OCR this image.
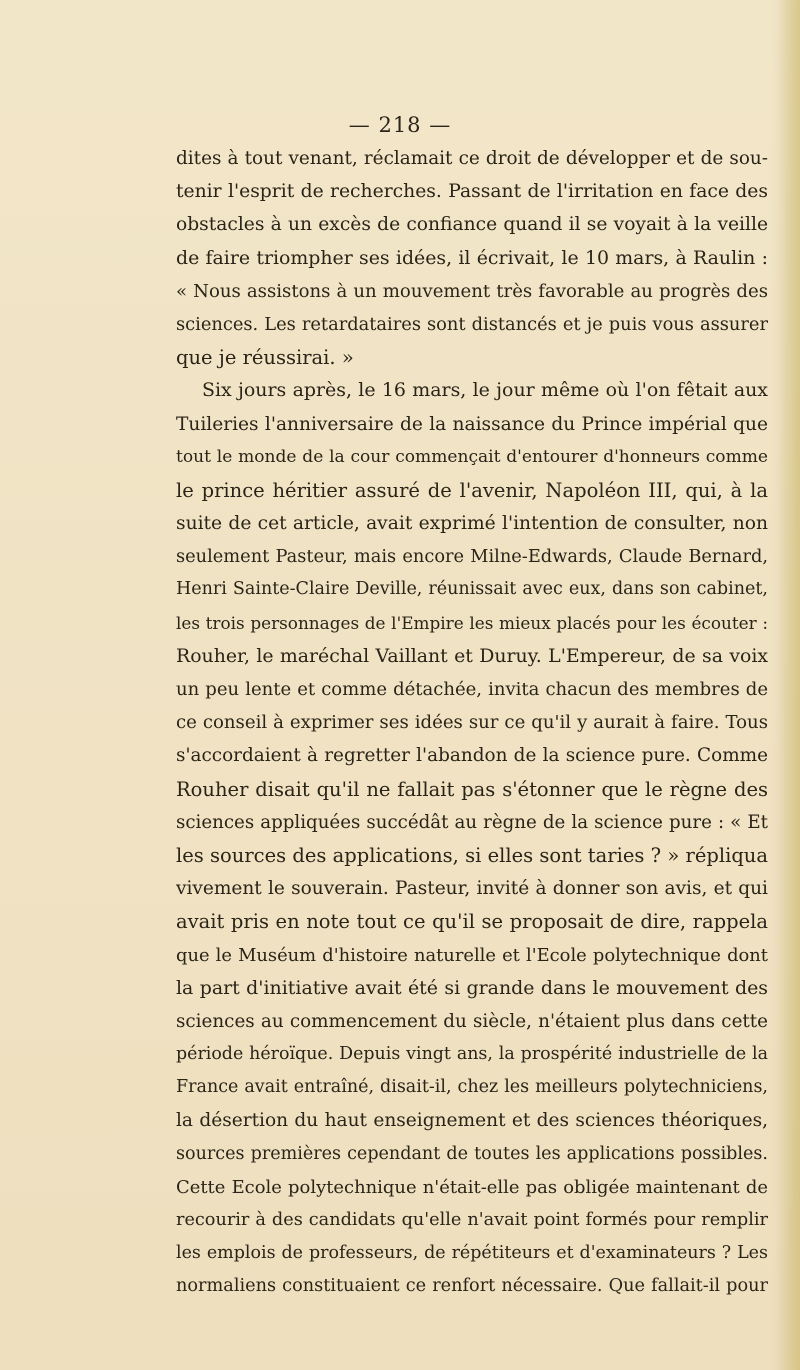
— 218 —
dites à tout venant, réclamait ce droit de développer et de sou-
tenir l'esprit de recherches. Passant de l'irritation en face des
obstacles à un excès de confiance quand il se voyait à la veille
de faire triompher ses idées, il écrivait, le 10 mars, à Raulin :
« Nous assistons à un mouvement très favorable au progrès des
sciences. Les retardataires sont distancés et je puis vous assurer
que je réussirai. »
Six jours après, le 16 mars, le jour même où l'on fêtait aux
Tuileries l'anniversaire de la naissance du Prince impérial que
tout le monde de la cour commençait d'entourer d'honneurs comme
le prince héritier assuré de l'avenir, Napoléon III, qui, à la
suite de cet article, avait exprimé l'intention de consulter, non
seulement Pasteur, mais encore Milne-Edwards, Claude Bernard,
Henri Sainte-Claire Deville, réunissait avec eux, dans son cabinet,
les trois personnages de l'Empire les mieux placés pour les écouter :
Rouher, le maréchal Vaillant et Duruy. L'Empereur, de sa voix
un peu lente et comme détachée, invita chacun des membres de
ce conseil à exprimer ses idées sur ce qu'il y aurait à faire. Tous
s'accordaient à regretter l'abandon de la science pure. Comme
Rouher disait qu'il ne fallait pas s'étonner que le règne des
sciences appliquées succédât au règne de la science pure : « Et
les sources des applications, si elles sont taries ? » répliqua
vivement le souverain. Pasteur, invité à donner son avis, et qui
avait pris en note tout ce qu'il se proposait de dire, rappela
que le Muséum d'histoire naturelle et l'Ecole polytechnique dont
la part d'initiative avait été si grande dans le mouvement des
sciences au commencement du siècle, n'étaient plus dans cette
période héroïque. Depuis vingt ans, la prospérité industrielle de la
France avait entraîné, disait-il, chez les meilleurs polytechniciens,
la désertion du haut enseignement et des sciences théoriques,
sources premières cependant de toutes les applications possibles.
Cette Ecole polytechnique n'était-elle pas obligée maintenant de
recourir à des candidats qu'elle n'avait point formés pour remplir
les emplois de professeurs, de répétiteurs et d'examinateurs ? Les
normaliens constituaient ce renfort nécessaire. Que fallait-il pour
